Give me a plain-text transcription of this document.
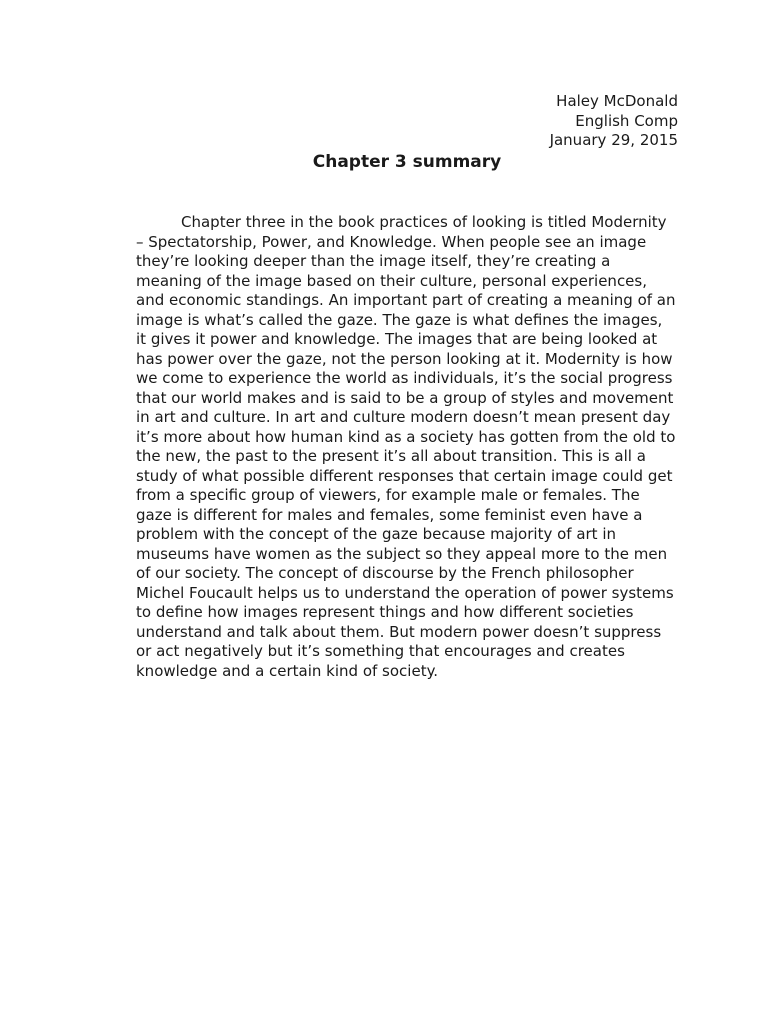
Haley McDonald
English Comp
January 29, 2015
Chapter 3 summary
Chapter three in the book practices of looking is titled Modernity
– Spectatorship, Power, and Knowledge. When people see an image
they’re looking deeper than the image itself, they’re creating a
meaning of the image based on their culture, personal experiences,
and economic standings. An important part of creating a meaning of an
image is what’s called the gaze. The gaze is what defines the images,
it gives it power and knowledge. The images that are being looked at
has power over the gaze, not the person looking at it. Modernity is how
we come to experience the world as individuals, it’s the social progress
that our world makes and is said to be a group of styles and movement
in art and culture. In art and culture modern doesn’t mean present day
it’s more about how human kind as a society has gotten from the old to
the new, the past to the present it’s all about transition. This is all a
study of what possible different responses that certain image could get
from a specific group of viewers, for example male or females. The
gaze is different for males and females, some feminist even have a
problem with the concept of the gaze because majority of art in
museums have women as the subject so they appeal more to the men
of our society. The concept of discourse by the French philosopher
Michel Foucault helps us to understand the operation of power systems
to define how images represent things and how different societies
understand and talk about them. But modern power doesn’t suppress
or act negatively but it’s something that encourages and creates
knowledge and a certain kind of society.
